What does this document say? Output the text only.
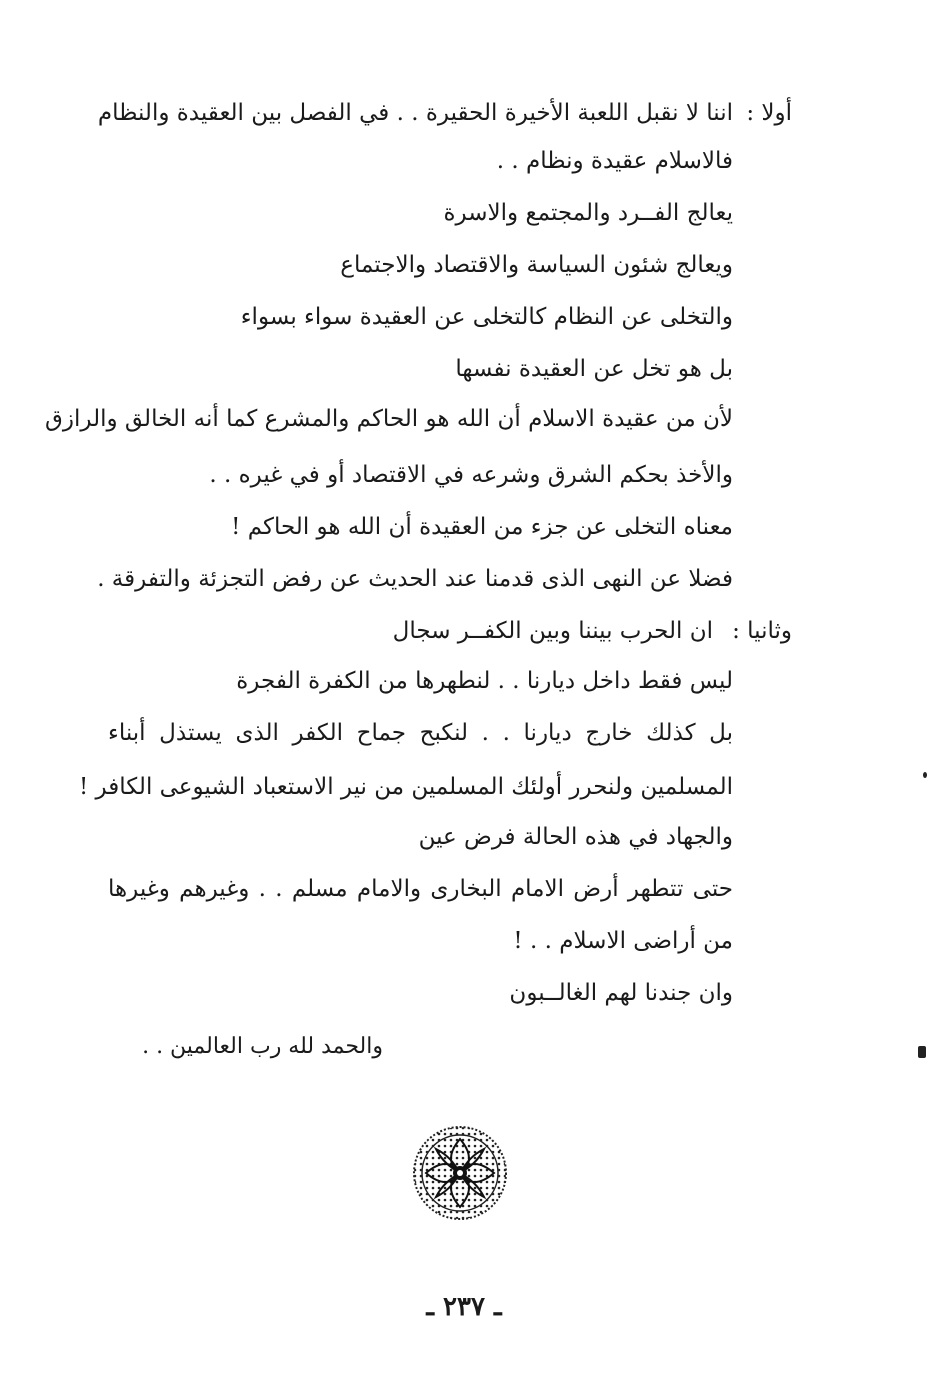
أولا :
اننا لا نقبل اللعبة الأخيرة الحقيرة . . في الفصل بين العقيدة والنظام
فالاسلام عقيدة ونظام . .
يعالج الفــرد والمجتمع والاسرة
ويعالج شئون السياسة والاقتصاد والاجتماع
والتخلى عن النظام كالتخلى عن العقيدة سواء بسواء
بل هو تخل عن العقيدة نفسها
لأن من عقيدة الاسلام أن الله هو الحاكم والمشرع كما أنه الخالق والرازق
والأخذ بحكم الشرق وشرعه في الاقتصاد أو في غيره . .
معناه التخلى عن جزء من العقيدة أن الله هو الحاكم !
فضلا عن النهى الذى قدمنا عند الحديث عن رفض التجزئة والتفرقة .
وثانيا :
ان الحرب بيننا وبين الكفــر سجال
ليس فقط داخل ديارنا . . لنطهرها من الكفرة الفجرة
بل كذلك خارج ديارنا . . لنكبح جماح الكفر الذى يستذل أبناء
المسلمين ولنحرر أولئك المسلمين من نير الاستعباد الشيوعى الكافر !
والجهاد في هذه الحالة فرض عين
حتى تتطهر أرض الامام البخارى والامام مسلم . . وغيرهم وغيرها
من أراضى الاسلام . . !
وان جندنا لهم الغالــبون
والحمد لله رب العالمين . .
ـ ٢٣٧ ـ
